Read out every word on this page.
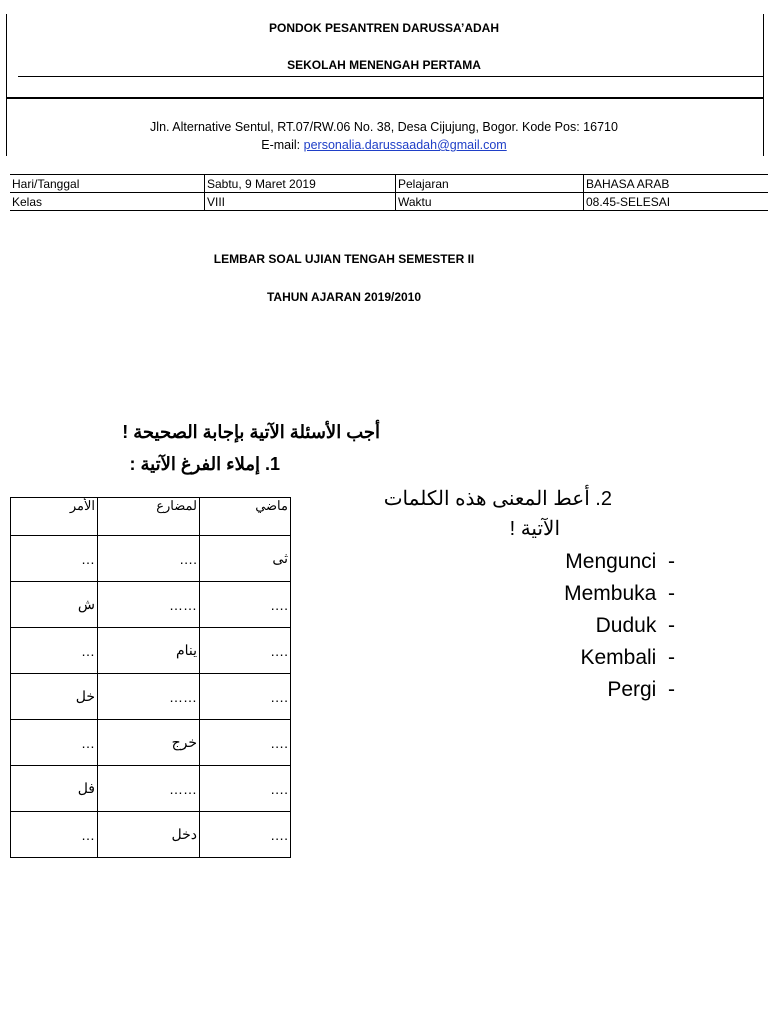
PONDOK PESANTREN DARUSSA’ADAH
SEKOLAH MENENGAH PERTAMA
Jln. Alternative Sentul, RT.07/RW.06 No. 38, Desa Cijujung, Bogor. Kode Pos: 16710
E-mail: personalia.darussaadah@gmail.com
Hari/Tanggal	Sabtu, 9 Maret 2019	Pelajaran	BAHASA ARAB
Kelas	VIII	Waktu	08.45-SELESAI
LEMBAR SOAL UJIAN TENGAH SEMESTER II
TAHUN AJARAN 2019/2010
أجب الأسئلة الآتية بإجابة الصحيحة !
1. إملاء الفرغ الآتية :
الأمر	لمضارع	ماضي
…	….	ثى
ش	……	….
…	ينام	….
خل	……	….
…	خرج	….
فل	……	….
…	دخل	….
2. أعط المعنى هذه الكلمات
الآتية !
Mengunci  -
Membuka  -
Duduk  -
Kembali  -
Pergi  -
